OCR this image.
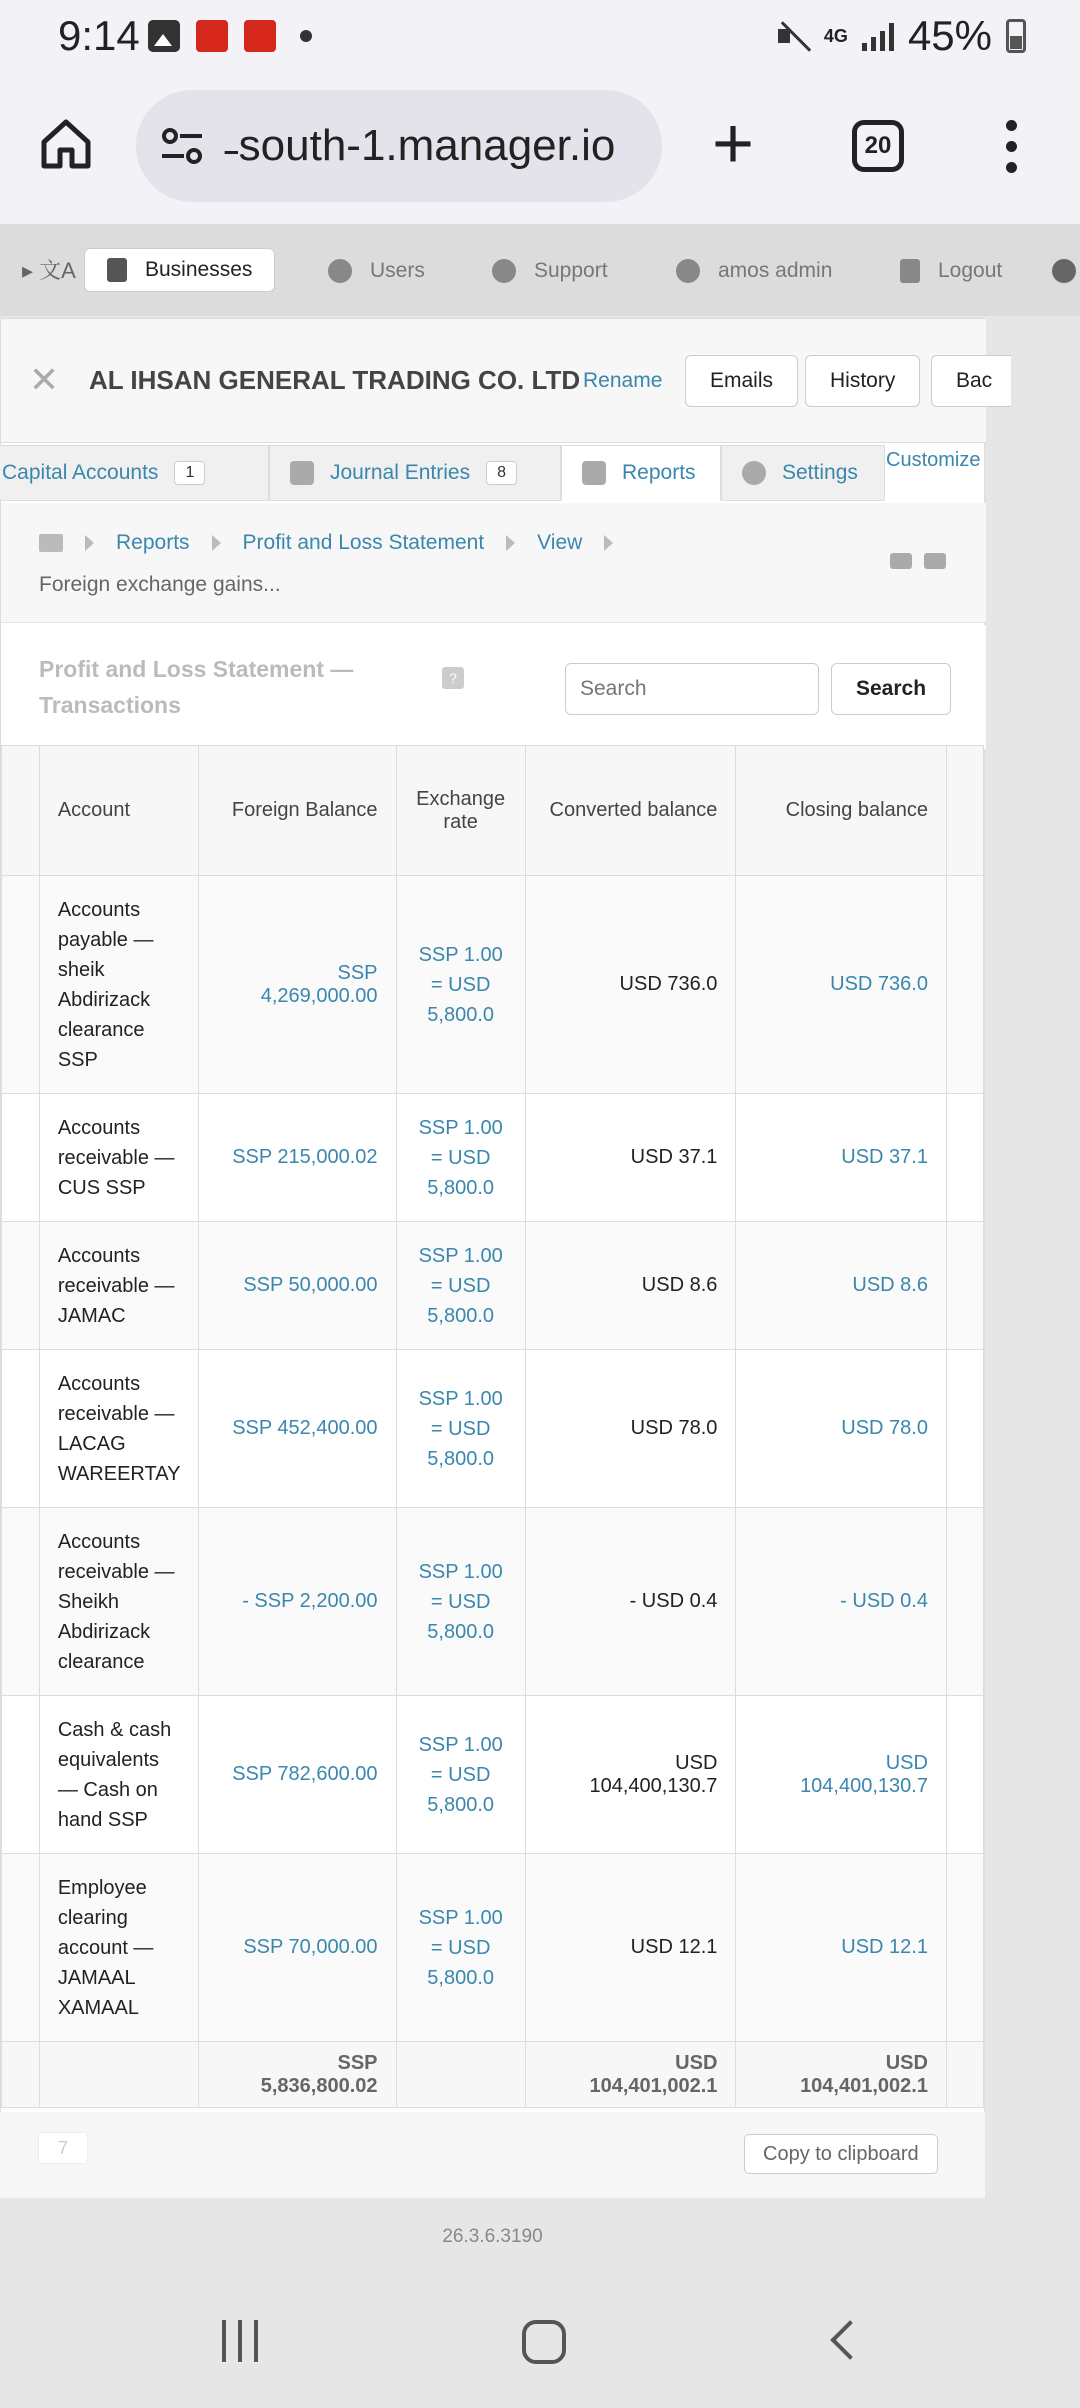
9:14	4G 45%
˗south-1.manager.io +	20
▸ 文A	Businesses	Users	Support	amos admin	Logout
✕ AL IHSAN GENERAL TRADING CO. LTD Rename	Emails	History	Bac
Capital Accounts	1	Journal Entries	8	Reports	Settings
Customize
Reports	Profit and Loss Statement	View
Foreign exchange gains...
Profit and Loss Statement — Transactions
?
Search	Search
	Account	Foreign Balance	Exchange rate	Converted balance	Closing balance	
	Accounts payable — sheik Abdirizack clearance SSP	SSP 4,269,000.00	SSP 1.00 = USD 5,800.0	USD 736.0	USD 736.0	
	Accounts receivable — CUS SSP	SSP 215,000.02	SSP 1.00 = USD 5,800.0	USD 37.1	USD 37.1	
	Accounts receivable — JAMAC	SSP 50,000.00	SSP 1.00 = USD 5,800.0	USD 8.6	USD 8.6	
	Accounts receivable — LACAG WAREERTAY	SSP 452,400.00	SSP 1.00 = USD 5,800.0	USD 78.0	USD 78.0	
	Accounts receivable — Sheikh Abdirizack clearance	- SSP 2,200.00	SSP 1.00 = USD 5,800.0	- USD 0.4	- USD 0.4	
	Cash & cash equivalents — Cash on hand SSP	SSP 782,600.00	SSP 1.00 = USD 5,800.0	USD 104,400,130.7	USD 104,400,130.7	
	Employee clearing account — JAMAAL XAMAAL	SSP 70,000.00	SSP 1.00 = USD 5,800.0	USD 12.1	USD 12.1	
		SSP 5,836,800.02		USD 104,401,002.1	USD 104,401,002.1	
7	Copy to clipboard
26.3.6.3190
